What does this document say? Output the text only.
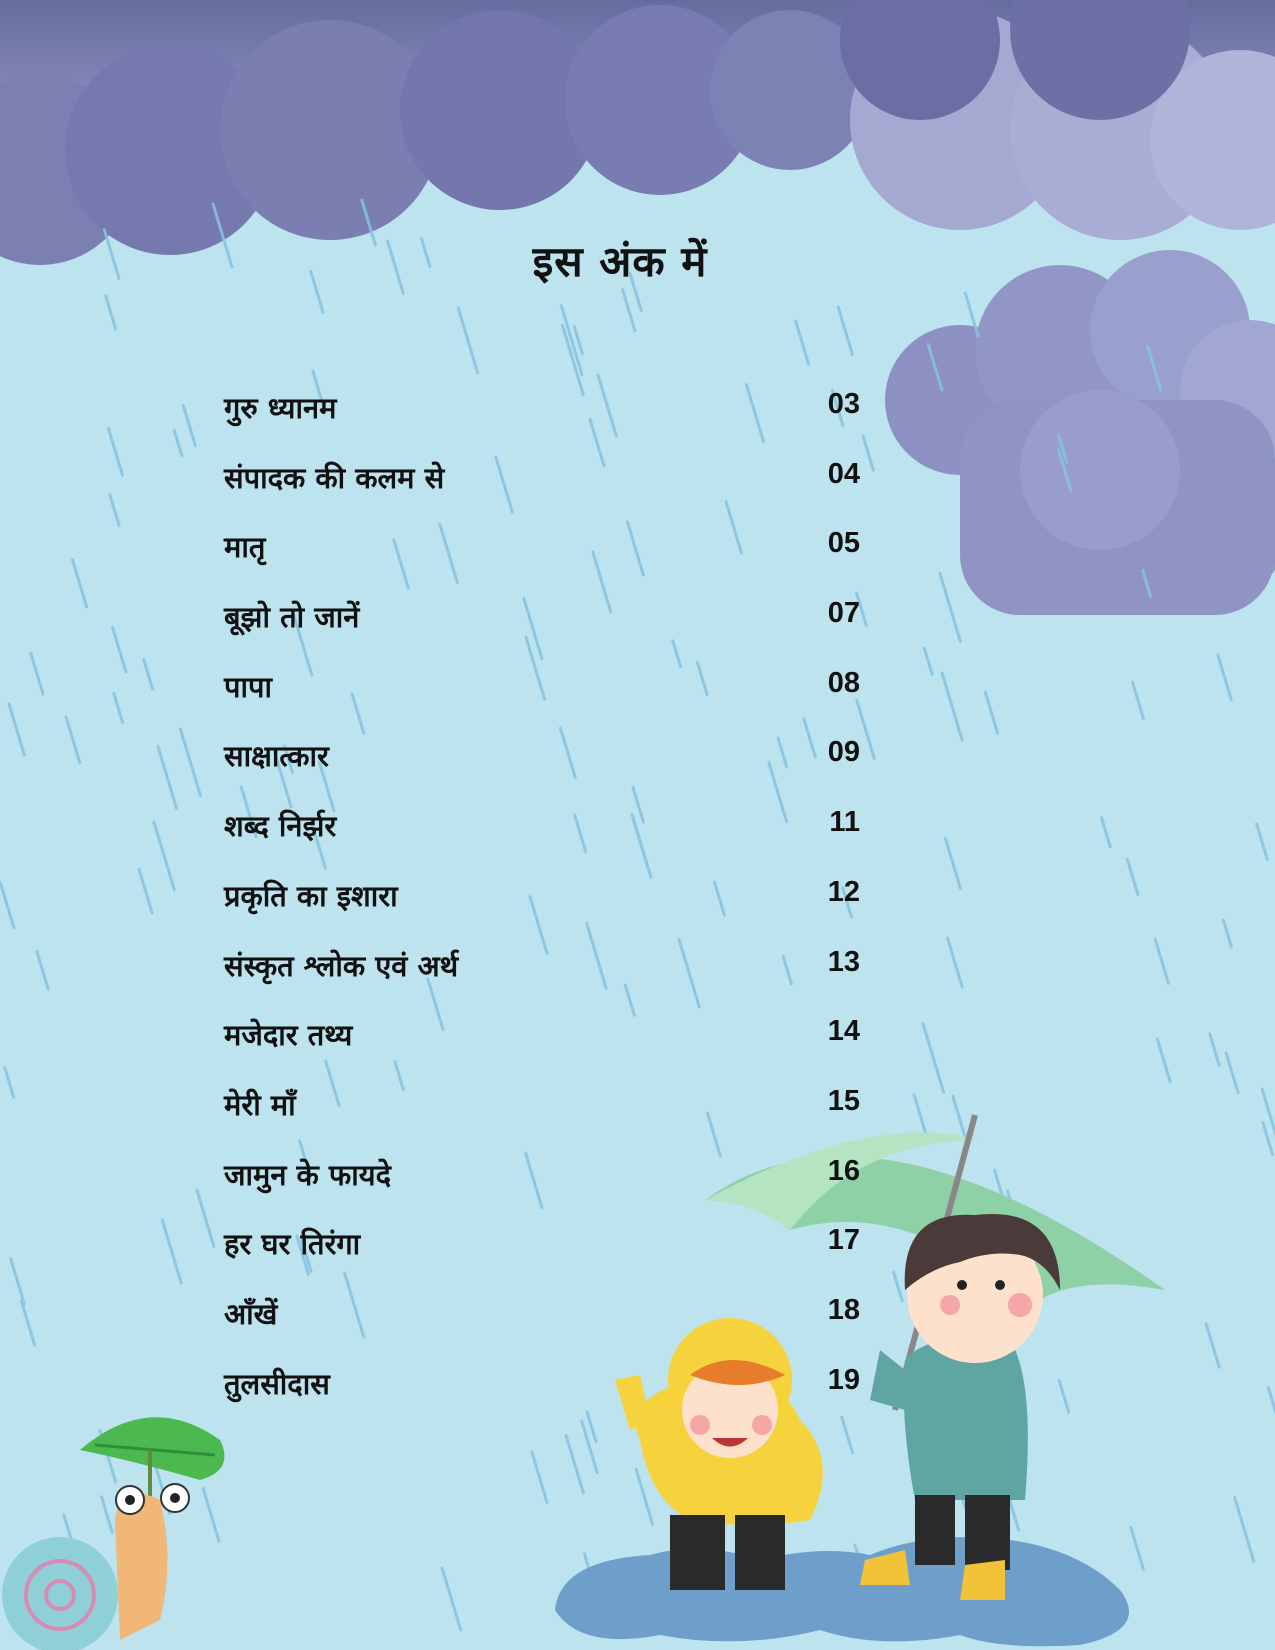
इस अंक में
गुरु ध्यानम	03
संपादक की कलम से	04
मातृ	05
बूझो तो जानें	07
पापा	08
साक्षात्कार	09
शब्द निर्झर	11
प्रकृति का इशारा	12
संस्कृत श्लोक एवं अर्थ	13
मजेदार तथ्य	14
मेरी माँ	15
जामुन के फायदे	16
हर घर तिरंगा	17
आँखें	18
तुलसीदास	19
